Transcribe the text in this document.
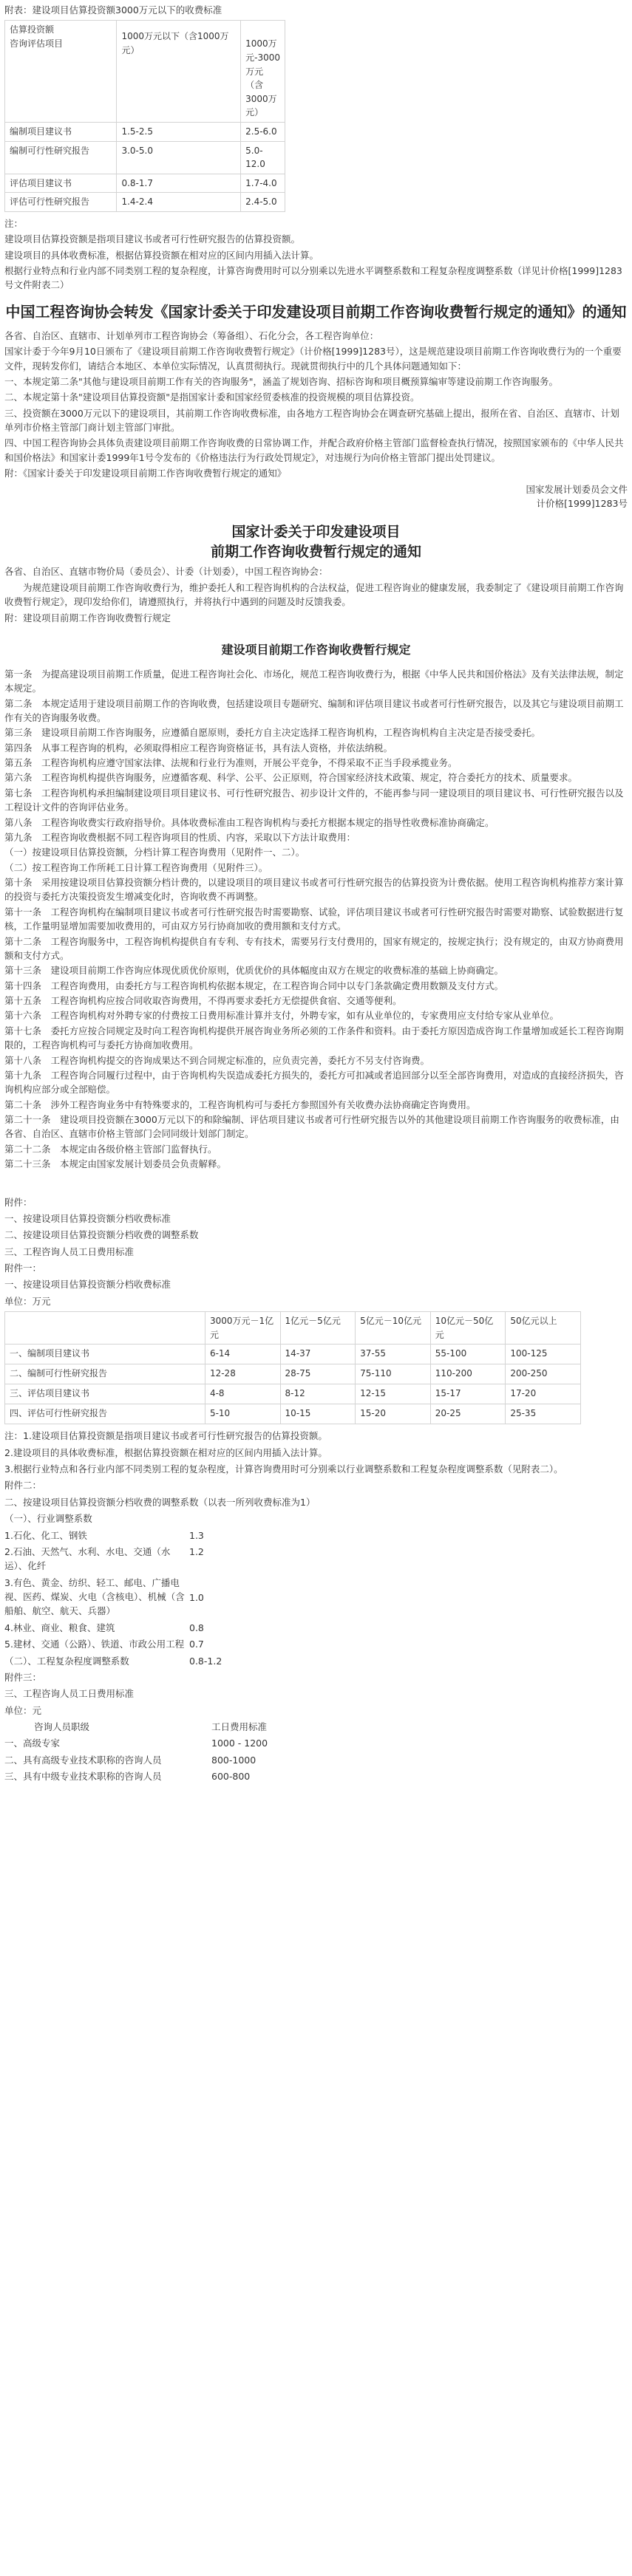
附表：建设项目估算投资额3000万元以下的收费标准

估算投资额
咨询评估项目	1000万元以下（含1000万元）	1000万元-3000万元（含3000万元）
编制项目建议书	1.5-2.5	2.5-6.0
编制可行性研究报告	3.0-5.0	5.0-12.0
评估项目建议书	0.8-1.7	1.7-4.0
评估可行性研究报告	1.4-2.4	2.4-5.0

注：

建设项目估算投资额是指项目建议书或者可行性研究报告的估算投资额。

建设项目的具体收费标准，根据估算投资额在相对应的区间内用插入法计算。

根据行业特点和行业内部不同类别工程的复杂程度，计算咨询费用时可以分别乘以先进水平调整系数和工程复杂程度调整系数（详见计价格[1999]1283号文件附表二）

中国工程咨询协会转发《国家计委关于印发建设项目前期工作咨询收费暂行规定的通知》的通知

各省、自治区、直辖市、计划单列市工程咨询协会（筹备组）、石化分会，各工程咨询单位：

国家计委于今年9月10日颁布了《建设项目前期工作咨询收费暂行规定》（计价格[1999]1283号），这是规范建设项目前期工作咨询收费行为的一个重要文件，现转发你们，请结合本地区、本单位实际情况，认真贯彻执行。现就贯彻执行中的几个具体问题通知如下：

一、本规定第二条"其他与建设项目前期工作有关的咨询服务"，涵盖了规划咨询、招标咨询和项目概预算编审等建设前期工作咨询服务。

二、本规定第十条"建设项目估算投资额"是指国家计委和国家经贸委核准的投资规模的项目估算投资。

三、投资额在3000万元以下的建设项目，其前期工作咨询收费标准，由各地方工程咨询协会在调查研究基础上提出，报所在省、自治区、直辖市、计划单列市价格主管部门商计划主管部门审批。

四、中国工程咨询协会具体负责建设项目前期工作咨询收费的日常协调工作，并配合政府价格主管部门监督检查执行情况，按照国家颁布的《中华人民共和国价格法》和国家计委1999年1号令发布的《价格违法行为行政处罚规定》，对违规行为向价格主管部门提出处罚建议。

附：《国家计委关于印发建设项目前期工作咨询收费暂行规定的通知》

国家发展计划委员会文件

计价格[1999]1283号

国家计委关于印发建设项目
前期工作咨询收费暂行规定的通知

各省、自治区、直辖市物价局（委员会）、计委（计划委），中国工程咨询协会：

为规范建设项目前期工作咨询收费行为，维护委托人和工程咨询机构的合法权益，促进工程咨询业的健康发展，我委制定了《建设项目前期工作咨询收费暂行规定》，现印发给你们，请遵照执行，并将执行中遇到的问题及时反馈我委。

附：建设项目前期工作咨询收费暂行规定

建设项目前期工作咨询收费暂行规定

第一条　为提高建设项目前期工作质量，促进工程咨询社会化、市场化，规范工程咨询收费行为，根据《中华人民共和国价格法》及有关法律法规，制定本规定。

第二条　本规定适用于建设项目前期工作的咨询收费，包括建设项目专题研究、编制和评估项目建议书或者可行性研究报告，以及其它与建设项目前期工作有关的咨询服务收费。

第三条　建设项目前期工作咨询服务，应遵循自愿原则，委托方自主决定选择工程咨询机构，工程咨询机构自主决定是否接受委托。

第四条　从事工程咨询的机构，必须取得相应工程咨询资格证书，具有法人资格，并依法纳税。

第五条　工程咨询机构应遵守国家法律、法规和行业行为准则，开展公平竞争，不得采取不正当手段承揽业务。

第六条　工程咨询机构提供咨询服务，应遵循客观、科学、公平、公正原则，符合国家经济技术政策、规定，符合委托方的技术、质量要求。

第七条　工程咨询机构承担编制建设项目项目建议书、可行性研究报告、初步设计文件的，不能再参与同一建设项目的项目建议书、可行性研究报告以及工程设计文件的咨询评估业务。

第八条　工程咨询收费实行政府指导价。具体收费标准由工程咨询机构与委托方根据本规定的指导性收费标准协商确定。

第九条　工程咨询收费根据不同工程咨询项目的性质、内容，采取以下方法计取费用：

（一）按建设项目估算投资额，分档计算工程咨询费用（见附件一、二）。

（二）按工程咨询工作所耗工日计算工程咨询费用（见附件三）。

第十条　采用按建设项目估算投资额分档计费的，以建设项目的项目建议书或者可行性研究报告的估算投资为计费依据。使用工程咨询机构推荐方案计算的投资与委托方决策投资发生增减变化时，咨询收费不再调整。

第十一条　工程咨询机构在编制项目建议书或者可行性研究报告时需要勘察、试验，评估项目建议书或者可行性研究报告时需要对勘察、试验数据进行复核，工作量明显增加需要加收费用的，可由双方另行协商加收的费用额和支付方式。

第十二条　工程咨询服务中，工程咨询机构提供自有专利、专有技术，需要另行支付费用的，国家有规定的，按规定执行；没有规定的，由双方协商费用额和支付方式。

第十三条　建设项目前期工作咨询应体现优质优价原则，优质优价的具体幅度由双方在规定的收费标准的基础上协商确定。

第十四条　工程咨询费用，由委托方与工程咨询机构依据本规定，在工程咨询合同中以专门条款确定费用数额及支付方式。

第十五条　工程咨询机构应按合同收取咨询费用，不得再要求委托方无偿提供食宿、交通等便利。

第十六条　工程咨询机构对外聘专家的付费按工日费用标准计算并支付，外聘专家，如有从业单位的，专家费用应支付给专家从业单位。

第十七条　委托方应按合同规定及时向工程咨询机构提供开展咨询业务所必须的工作条件和资料。由于委托方原因造成咨询工作量增加或延长工程咨询期限的，工程咨询机构可与委托方协商加收费用。

第十八条　工程咨询机构提交的咨询成果达不到合同规定标准的，应负责完善，委托方不另支付咨询费。

第十九条　工程咨询合同履行过程中，由于咨询机构失误造成委托方损失的，委托方可扣减或者追回部分以至全部咨询费用，对造成的直接经济损失，咨询机构应部分或全部赔偿。

第二十条　涉外工程咨询业务中有特殊要求的，工程咨询机构可与委托方参照国外有关收费办法协商确定咨询费用。

第二十一条　建设项目投资额在3000万元以下的和除编制、评估项目建议书或者可行性研究报告以外的其他建设项目前期工作咨询服务的收费标准，由各省、自治区、直辖市价格主管部门会同同级计划部门制定。

第二十二条　本规定由各级价格主管部门监督执行。

第二十三条　本规定由国家发展计划委员会负责解释。

附件：

一、按建设项目估算投资额分档收费标准

二、按建设项目估算投资额分档收费的调整系数

三、工程咨询人员工日费用标准

附件一：

一、按建设项目估算投资额分档收费标准

单位：万元

	3000万元－1亿元	1亿元－5亿元	5亿元－10亿元	10亿元－50亿元	50亿元以上
一、编制项目建议书	6-14	14-37	37-55	55-100	100-125
二、编制可行性研究报告	12-28	28-75	75-110	110-200	200-250
三、评估项目建议书	4-8	8-12	12-15	15-17	17-20
四、评估可行性研究报告	5-10	10-15	15-20	20-25	25-35

注：1.建设项目估算投资额是指项目建议书或者可行性研究报告的估算投资额。

2.建设项目的具体收费标准，根据估算投资额在相对应的区间内用插入法计算。

3.根据行业特点和各行业内部不同类别工程的复杂程度，计算咨询费用时可分别乘以行业调整系数和工程复杂程度调整系数（见附表二）。

附件二：

二、按建设项目估算投资额分档收费的调整系数（以表一所列收费标准为1）

（一）、行业调整系数

1.石化、化工、钢铁	1.3
2.石油、天然气、水利、水电、交通（水运）、化纤
1.2
3.有色、黄金、纺织、轻工、邮电、广播电视、医药、煤炭、火电（含核电）、机械（含船舶、航空、航天、兵器）
1.0
4.林业、商业、粮食、建筑	0.8
5.建材、交通（公路）、铁道、市政公用工程 0.7
（二）、工程复杂程度调整系数	0.8-1.2

附件三：

三、工程咨询人员工日费用标准

单位：元

咨询人员职级	工日费用标准
一、高级专家	1000 - 1200
二、具有高级专业技术职称的咨询人员	800-1000
三、具有中级专业技术职称的咨询人员	600-800
